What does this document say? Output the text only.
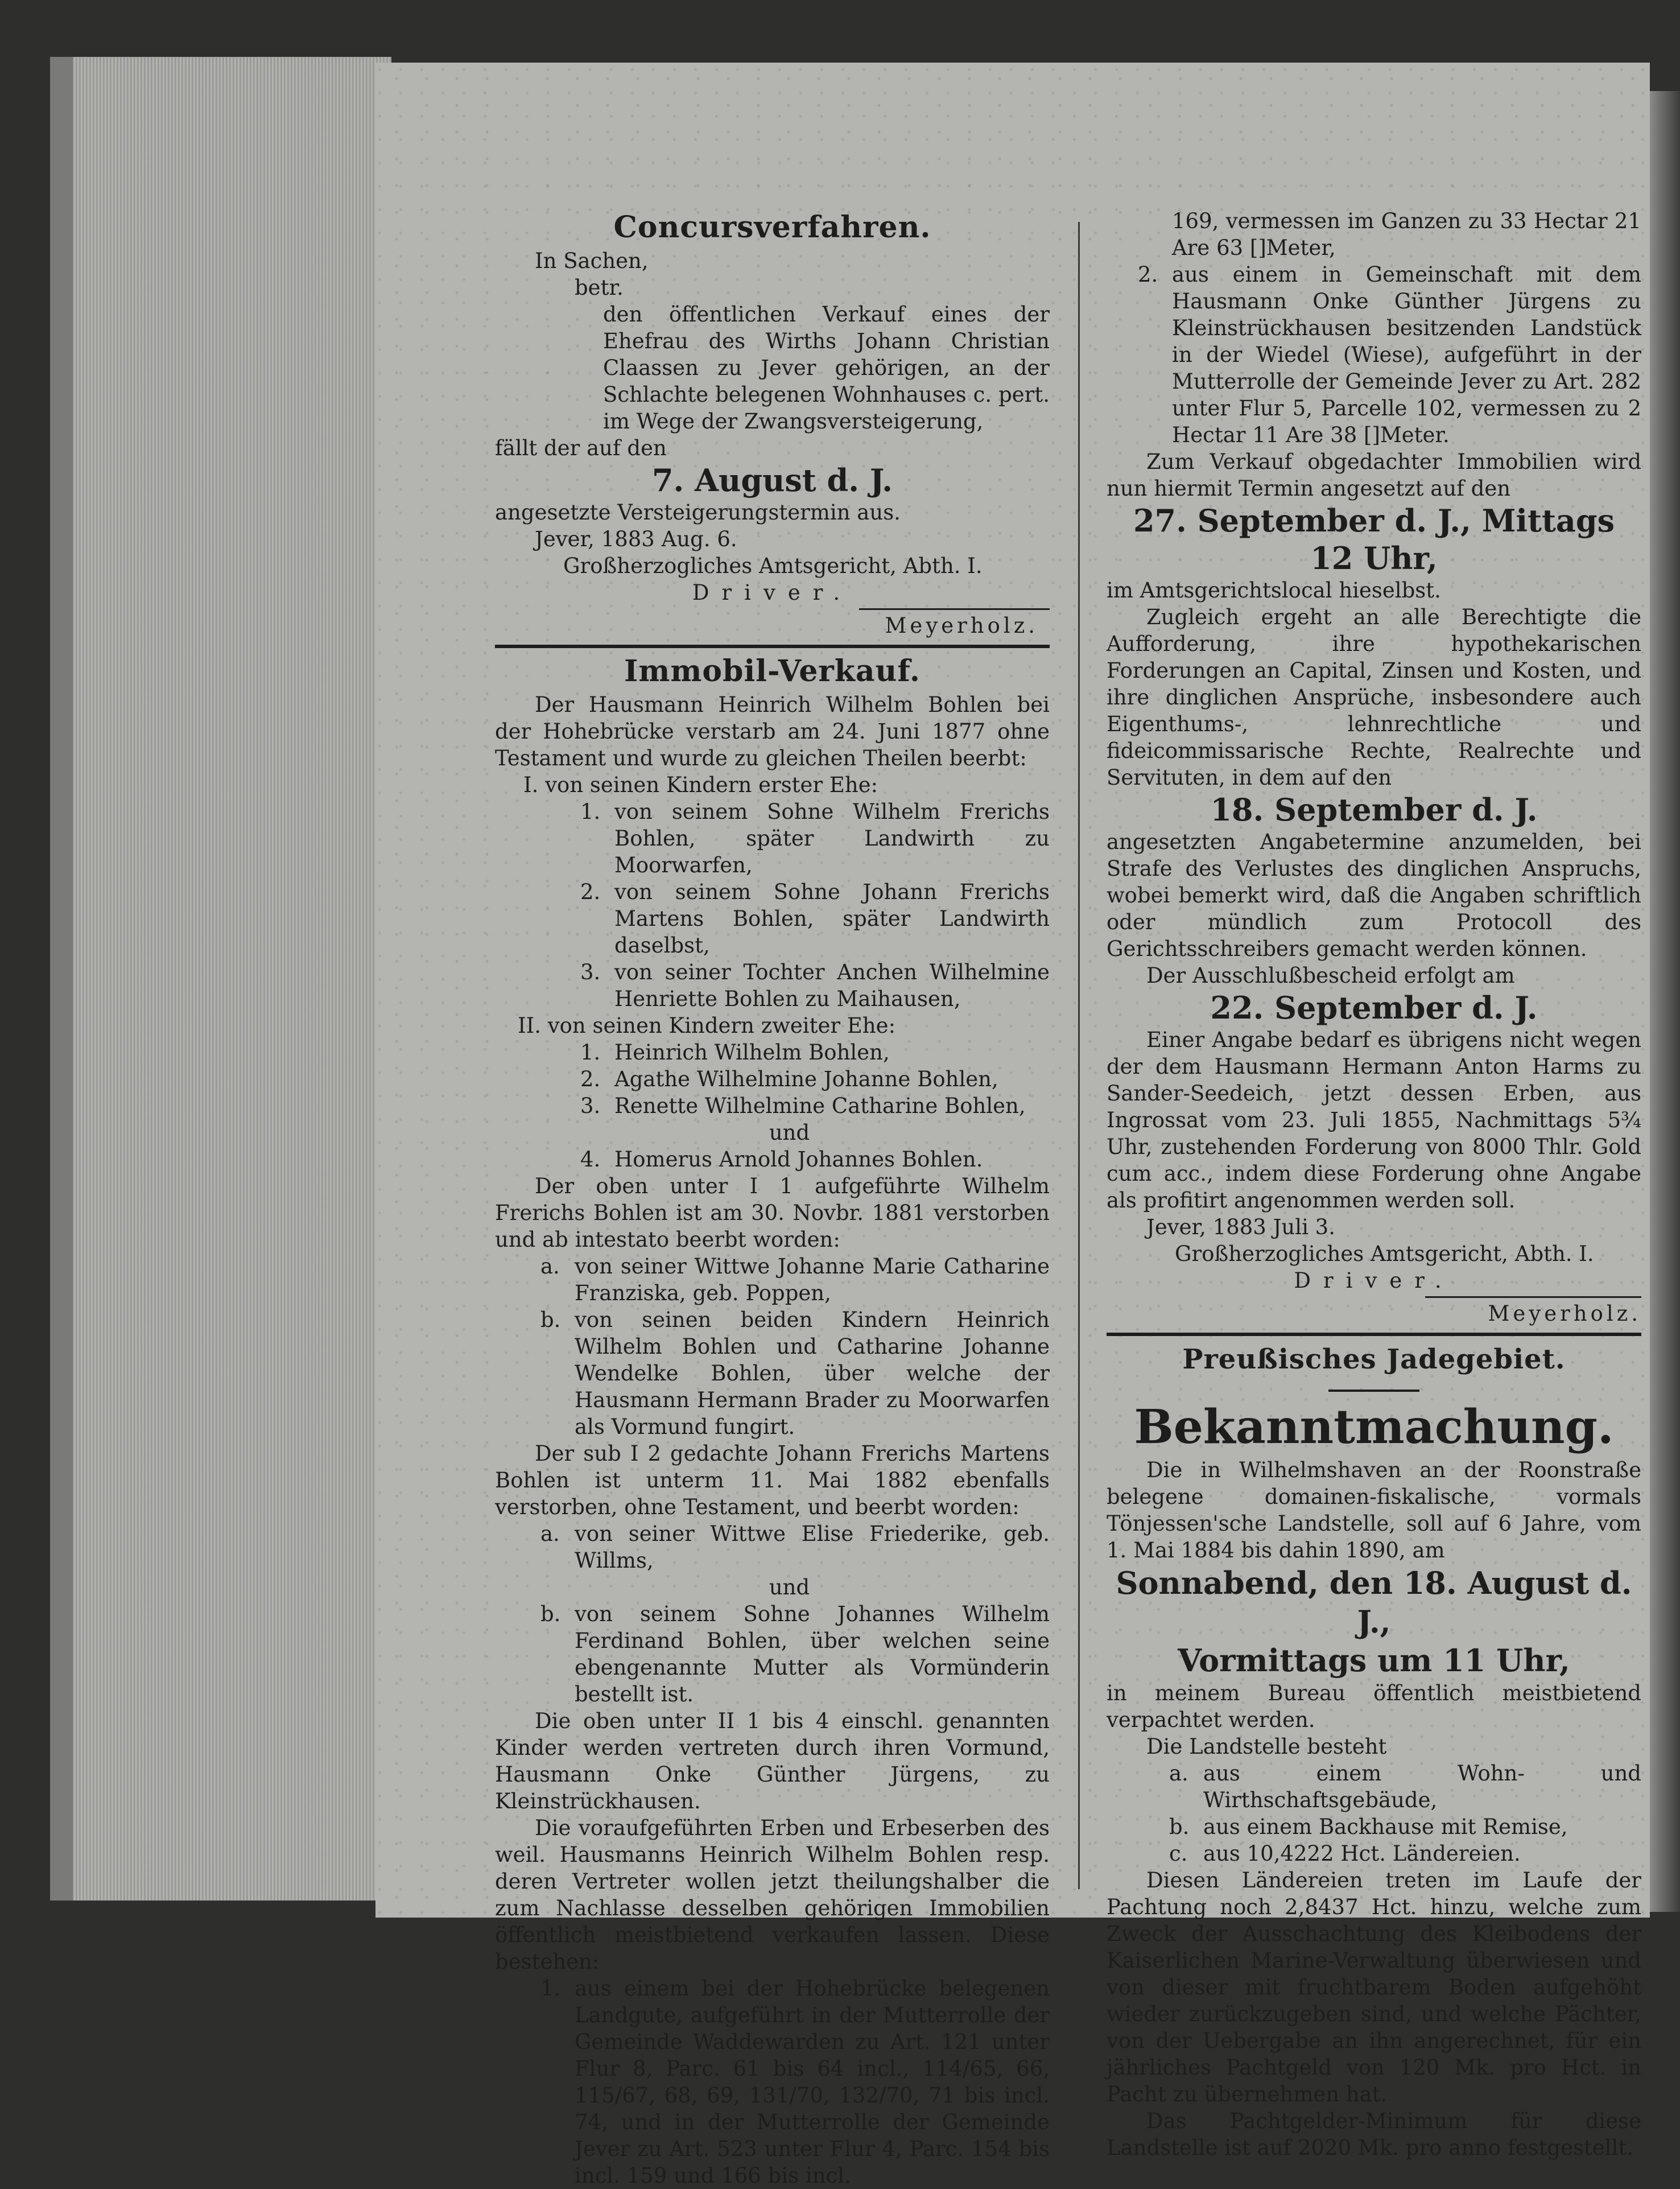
Concursverfahren.

In Sachen,

betr.

den öffentlichen Verkauf eines der Ehefrau des Wirths Johann Christian Claassen zu Jever gehörigen, an der Schlachte belegenen Wohnhauses c. pert. im Wege der Zwangsversteigerung,

fällt der auf den

7. August d. J.

angesetzte Versteigerungstermin aus.

Jever, 1883 Aug. 6.

Großherzogliches Amtsgericht, Abth. I.

Driver.

Meyerholz.

Immobil-Verkauf.

Der Hausmann Heinrich Wilhelm Bohlen bei der Hohebrücke verstarb am 24. Juni 1877 ohne Testament und wurde zu gleichen Theilen beerbt:

I. von seinen Kindern erster Ehe:

1. von seinem Sohne Wilhelm Frerichs Bohlen, später Landwirth zu Moorwarfen,
2. von seinem Sohne Johann Frerichs Martens Bohlen, später Landwirth daselbst,
3. von seiner Tochter Anchen Wilhelmine Henriette Bohlen zu Maihausen,

II. von seinen Kindern zweiter Ehe:

1. Heinrich Wilhelm Bohlen,
2. Agathe Wilhelmine Johanne Bohlen,
3. Renette Wilhelmine Catharine Bohlen,

und

4. Homerus Arnold Johannes Bohlen.

Der oben unter I 1 aufgeführte Wilhelm Frerichs Bohlen ist am 30. Novbr. 1881 verstorben und ab intestato beerbt worden:

a. von seiner Wittwe Johanne Marie Catharine Franziska, geb. Poppen,
b. von seinen beiden Kindern Heinrich Wilhelm Bohlen und Catharine Johanne Wendelke Bohlen, über welche der Hausmann Hermann Brader zu Moorwarfen als Vormund fungirt.

Der sub I 2 gedachte Johann Frerichs Martens Bohlen ist unterm 11. Mai 1882 ebenfalls verstorben, ohne Testament, und beerbt worden:

a. von seiner Wittwe Elise Friederike, geb. Willms,

und

b. von seinem Sohne Johannes Wilhelm Ferdinand Bohlen, über welchen seine ebengenannte Mutter als Vormünderin bestellt ist.

Die oben unter II 1 bis 4 einschl. genannten Kinder werden vertreten durch ihren Vormund, Hausmann Onke Günther Jürgens, zu Kleinstrückhausen.

Die voraufgeführten Erben und Erbeserben des weil. Hausmanns Heinrich Wilhelm Bohlen resp. deren Vertreter wollen jetzt theilungshalber die zum Nachlasse desselben gehörigen Immobilien öffentlich meistbietend verkaufen lassen. Diese bestehen:

1. aus einem bei der Hohebrücke belegenen Landgute, aufgeführt in der Mutterrolle der Gemeinde Waddewarden zu Art. 121 unter Flur 8, Parc. 61 bis 64 incl., 114/65, 66, 115/67, 68, 69, 131/70, 132/70, 71 bis incl. 74, und in der Mutterrolle der Gemeinde Jever zu Art. 523 unter Flur 4, Parc. 154 bis incl. 159 und 166 bis incl.

169, vermessen im Ganzen zu 33 Hectar 21 Are 63 []Meter,

2. aus einem in Gemeinschaft mit dem Hausmann Onke Günther Jürgens zu Kleinstrückhausen besitzenden Landstück in der Wiedel (Wiese), aufgeführt in der Mutterrolle der Gemeinde Jever zu Art. 282 unter Flur 5, Parcelle 102, vermessen zu 2 Hectar 11 Are 38 []Meter.

Zum Verkauf obgedachter Immobilien wird nun hiermit Termin angesetzt auf den

27. September d. J., Mittags 12 Uhr,

im Amtsgerichtslocal hieselbst.

Zugleich ergeht an alle Berechtigte die Aufforderung, ihre hypothekarischen Forderungen an Capital, Zinsen und Kosten, und ihre dinglichen Ansprüche, insbesondere auch Eigenthums-, lehnrechtliche und fideicommissarische Rechte, Realrechte und Servituten, in dem auf den

18. September d. J.

angesetzten Angabetermine anzumelden, bei Strafe des Verlustes des dinglichen Anspruchs, wobei bemerkt wird, daß die Angaben schriftlich oder mündlich zum Protocoll des Gerichtsschreibers gemacht werden können.

Der Ausschlußbescheid erfolgt am

22. September d. J.

Einer Angabe bedarf es übrigens nicht wegen der dem Hausmann Hermann Anton Harms zu Sander-Seedeich, jetzt dessen Erben, aus Ingrossat vom 23. Juli 1855, Nachmittags 5¾ Uhr, zustehenden Forderung von 8000 Thlr. Gold cum acc., indem diese Forderung ohne Angabe als profitirt angenommen werden soll.

Jever, 1883 Juli 3.

Großherzogliches Amtsgericht, Abth. I.

Driver.

Meyerholz.

Preußisches Jadegebiet.
Bekanntmachung.

Die in Wilhelmshaven an der Roonstraße belegene domainen-fiskalische, vormals Tönjessen'sche Landstelle, soll auf 6 Jahre, vom 1. Mai 1884 bis dahin 1890, am

Sonnabend, den 18. August d. J.,
Vormittags um 11 Uhr,

in meinem Bureau öffentlich meistbietend verpachtet werden.

Die Landstelle besteht

a. aus einem Wohn- und Wirthschaftsgebäude,
b. aus einem Backhause mit Remise,
c. aus 10,4222 Hct. Ländereien.

Diesen Ländereien treten im Laufe der Pachtung noch 2,8437 Hct. hinzu, welche zum Zweck der Ausschachtung des Kleibodens der Kaiserlichen Marine-Verwaltung überwiesen und von dieser mit fruchtbarem Boden aufgehöht wieder zurückzugeben sind, und welche Pächter, von der Uebergabe an ihn angerechnet, für ein jährliches Pachtgeld von 120 Mk. pro Hct. in Pacht zu übernehmen hat.

Das Pachtgelder-Minimum für diese Landstelle ist auf 2020 Mk. pro anno festgestellt.
